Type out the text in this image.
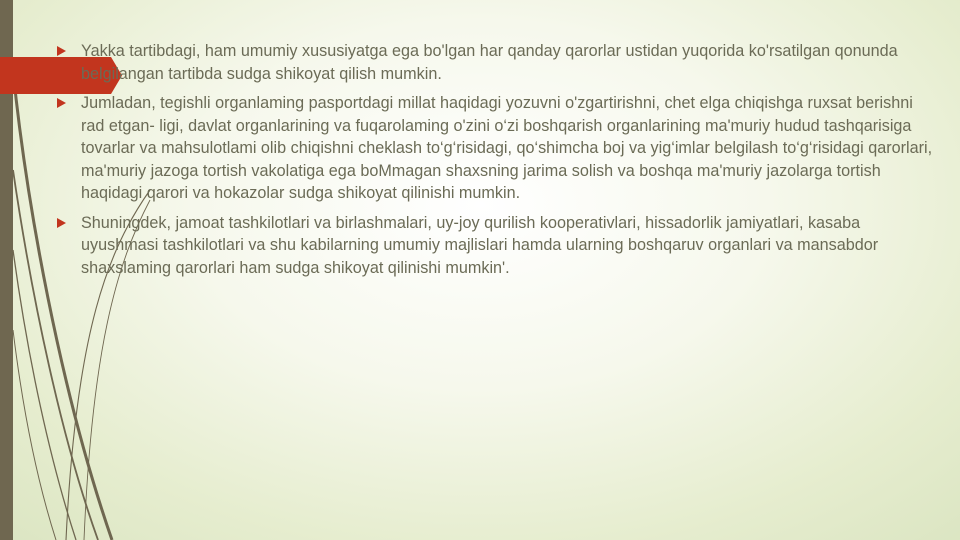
Yakka tartibdagi, ham umumiy xususiyatga ega bo'lgan har qanday qarorlar ustidan yuqorida ko'rsatilgan qonunda belgilangan tartibda sudga shikoyat qilish mumkin.
Jumladan, tegishli organlaming pasportdagi millat haqidagi yozuvni o'zgartirishni, chet elga chiqishga ruxsat berishni rad etgan- ligi, davlat organlarining va fuqarolaming o'zini o‘zi boshqarish organlarining ma'muriy hudud tashqarisiga tovarlar va mahsulotlami olib chiqishni cheklash to‘g‘risidagi, qo‘shimcha boj va yig‘imlar belgilash to‘g‘risidagi qarorlari, ma'muriy jazoga tortish vakolatiga ega boMmagan shaxsning jarima solish va boshqa ma'muriy jazolarga tortish haqidagi qarori va hokazolar sudga shikoyat qilinishi mumkin.
Shuningdek, jamoat tashkilotlari va birlashmalari, uy-joy qurilish kooperativlari, hissadorlik jamiyatlari, kasaba uyushmasi tashkilotlari va shu kabilarning umumiy majlislari hamda ularning boshqaruv organlari va mansabdor shaxslaming qarorlari ham sudga shikoyat qilinishi mumkin'.
